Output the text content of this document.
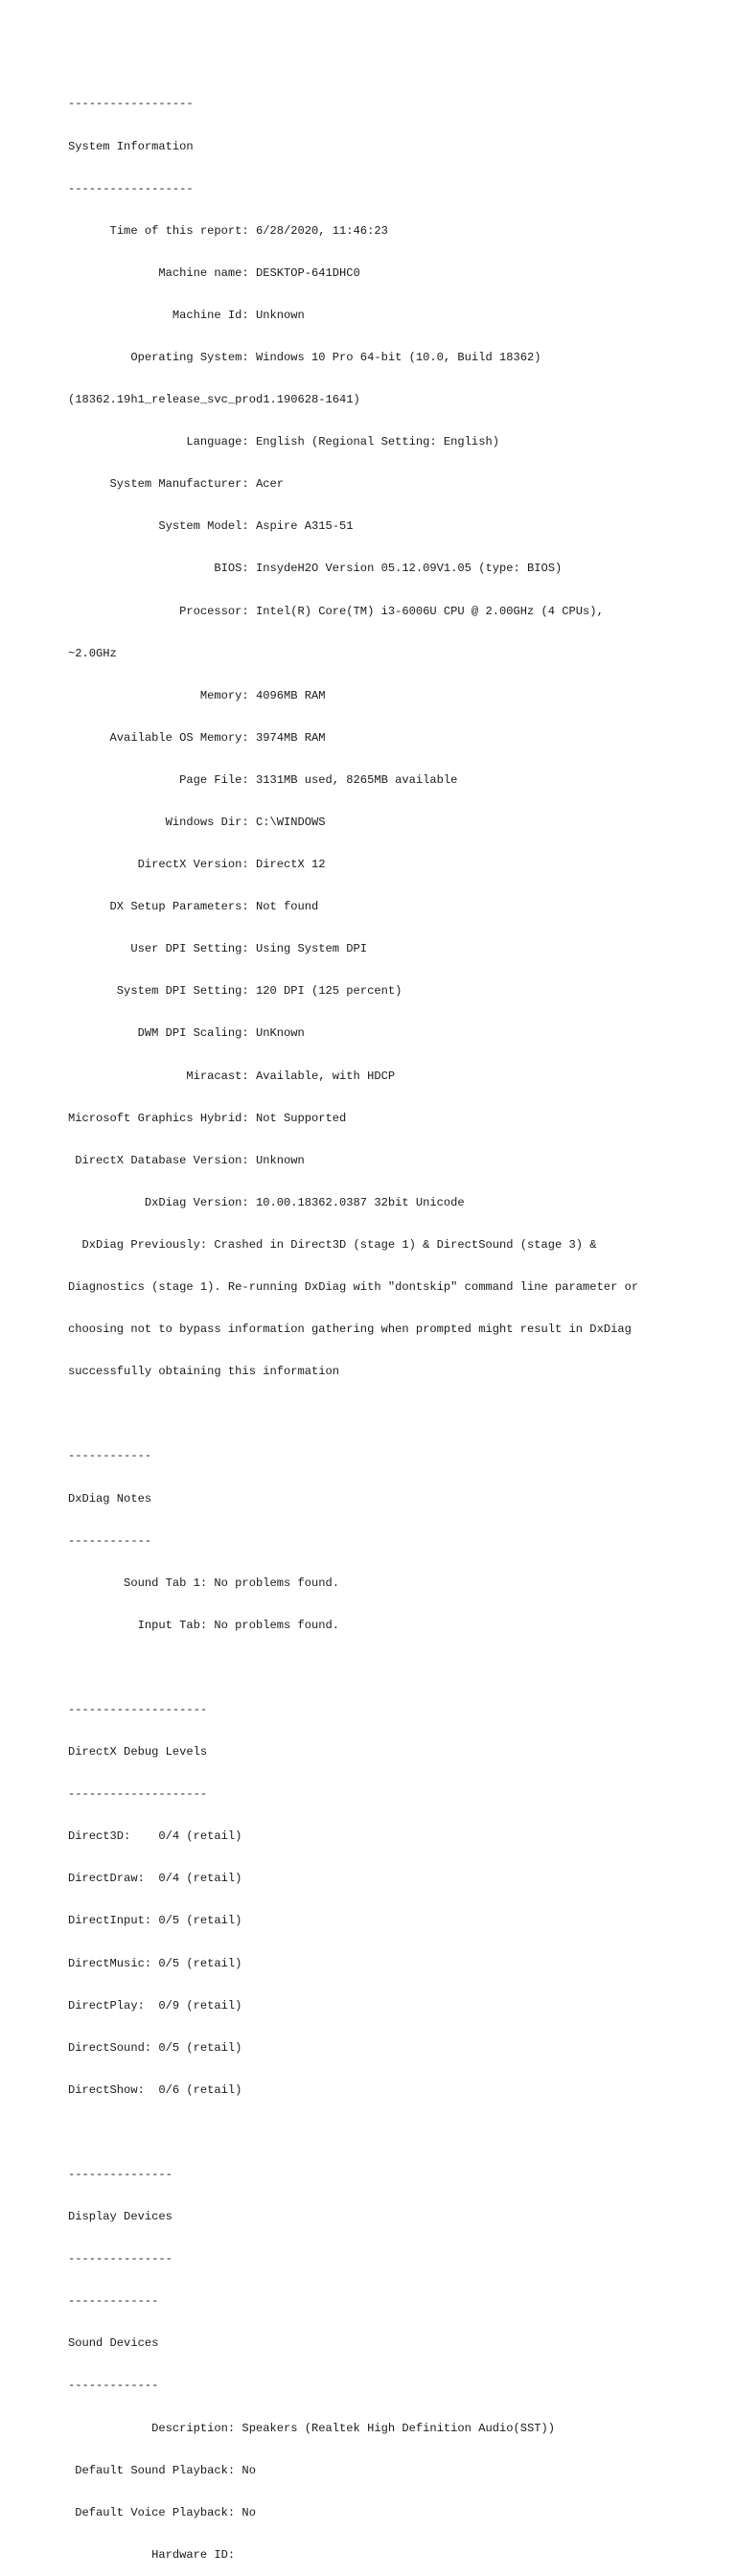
------------------

System Information

------------------

Time of this report: 6/28/2020, 11:46:23

Machine name: DESKTOP-641DHC0

Machine Id: Unknown

Operating System: Windows 10 Pro 64-bit (10.0, Build 18362)

(18362.19h1_release_svc_prod1.190628-1641)

Language: English (Regional Setting: English)

System Manufacturer: Acer

System Model: Aspire A315-51

BIOS: InsydeH2O Version 05.12.09V1.05 (type: BIOS)

Processor: Intel(R) Core(TM) i3-6006U CPU @ 2.00GHz (4 CPUs),

~2.0GHz

Memory: 4096MB RAM

Available OS Memory: 3974MB RAM

Page File: 3131MB used, 8265MB available

Windows Dir: C:\WINDOWS

DirectX Version: DirectX 12

DX Setup Parameters: Not found

User DPI Setting: Using System DPI

System DPI Setting: 120 DPI (125 percent)

DWM DPI Scaling: UnKnown

Miracast: Available, with HDCP

Microsoft Graphics Hybrid: Not Supported

DirectX Database Version: Unknown

DxDiag Version: 10.00.18362.0387 32bit Unicode

DxDiag Previously: Crashed in Direct3D (stage 1) & DirectSound (stage 3) &

Diagnostics (stage 1). Re-running DxDiag with "dontskip" command line parameter or

choosing not to bypass information gathering when prompted might result in DxDiag

successfully obtaining this information

------------

DxDiag Notes

------------

Sound Tab 1: No problems found.

Input Tab: No problems found.

--------------------

DirectX Debug Levels

--------------------

Direct3D:    0/4 (retail)

DirectDraw:  0/4 (retail)

DirectInput: 0/5 (retail)

DirectMusic: 0/5 (retail)

DirectPlay:  0/9 (retail)

DirectSound: 0/5 (retail)

DirectShow:  0/6 (retail)

---------------

Display Devices

---------------

-------------

Sound Devices

-------------

Description: Speakers (Realtek High Definition Audio(SST))

Default Sound Playback: No

Default Voice Playback: No

Hardware ID:
